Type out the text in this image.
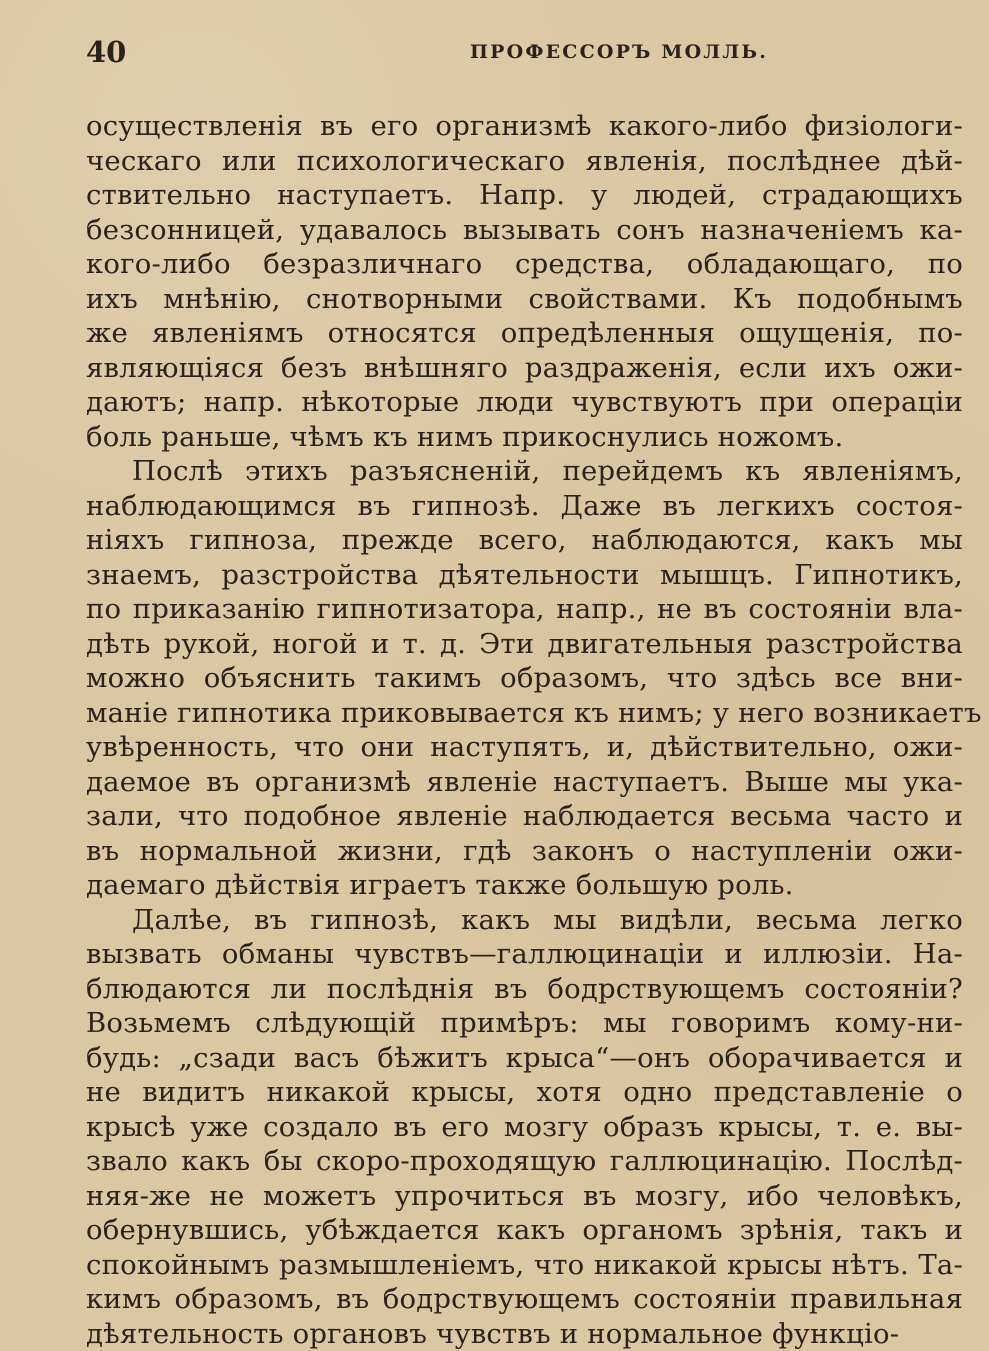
40	ПРОФЕССОРЪ МОЛЛЬ.

осуществленія въ его организмѣ какого-либо физіологи-
ческаго или психологическаго явленія, послѣднее дѣй-
ствительно наступаетъ. Напр. у людей, страдающихъ
безсонницей, удавалось вызывать сонъ назначеніемъ ка-
кого-либо безразличнаго средства, обладающаго, по
ихъ мнѣнію, снотворными свойствами. Къ подобнымъ
же явленіямъ относятся опредѣленныя ощущенія, по-
являющіяся безъ внѣшняго раздраженія, если ихъ ожи-
даютъ; напр. нѣкоторые люди чувствуютъ при операціи
боль раньше, чѣмъ къ нимъ прикоснулись ножомъ.

Послѣ этихъ разъясненій, перейдемъ къ явленіямъ,
наблюдающимся въ гипнозѣ. Даже въ легкихъ состоя-
ніяхъ гипноза, прежде всего, наблюдаются, какъ мы
знаемъ, разстройства дѣятельности мышцъ. Гипнотикъ,
по приказанію гипнотизатора, напр., не въ состояніи вла-
дѣть рукой, ногой и т. д. Эти двигательныя разстройства
можно объяснить такимъ образомъ, что здѣсь все вни-
маніе гипнотика приковывается къ нимъ; у него возникаетъ
увѣренность, что они наступятъ, и, дѣйствительно, ожи-
даемое въ организмѣ явленіе наступаетъ. Выше мы ука-
зали, что подобное явленіе наблюдается весьма часто и
въ нормальной жизни, гдѣ законъ о наступленіи ожи-
даемаго дѣйствія играетъ также большую роль.

Далѣе, въ гипнозѣ, какъ мы видѣли, весьма легко
вызвать обманы чувствъ—галлюцинаціи и иллюзіи. На-
блюдаются ли послѣднія въ бодрствующемъ состояніи?
Возьмемъ слѣдующій примѣръ: мы говоримъ кому-ни-
будь: „сзади васъ бѣжитъ крыса“—онъ оборачивается и
не видитъ никакой крысы, хотя одно представленіе о
крысѣ уже создало въ его мозгу образъ крысы, т. е. вы-
звало какъ бы скоро-проходящую галлюцинацію. Послѣд-
няя-же не можетъ упрочиться въ мозгу, ибо человѣкъ,
обернувшись, убѣждается какъ органомъ зрѣнія, такъ и
спокойнымъ размышленіемъ, что никакой крысы нѣтъ. Та-
кимъ образомъ, въ бодрствующемъ состояніи правильная
дѣятельность органовъ чувствъ и нормальное функціо-
